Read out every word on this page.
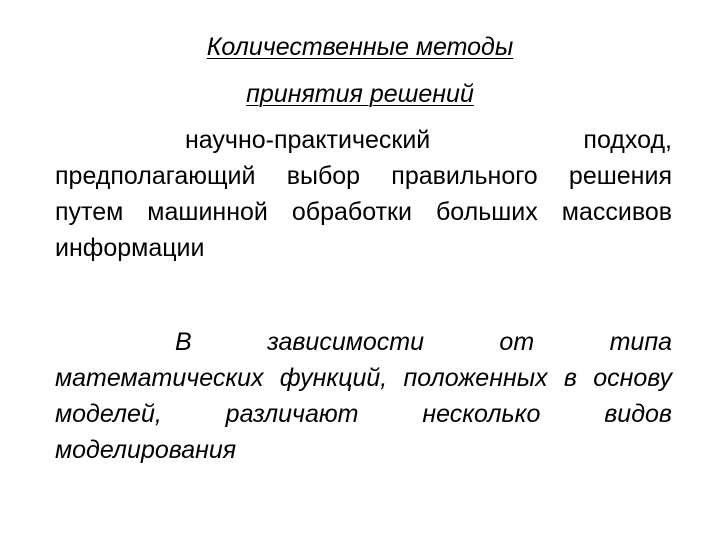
Количественные методы
принятия решений

научно-практический подход, предполагающий выбор правильного решения путем машинной обработки больших массивов информации

В зависимости от типа математических функций, положенных в основу моделей, различают несколько видов моделирования
